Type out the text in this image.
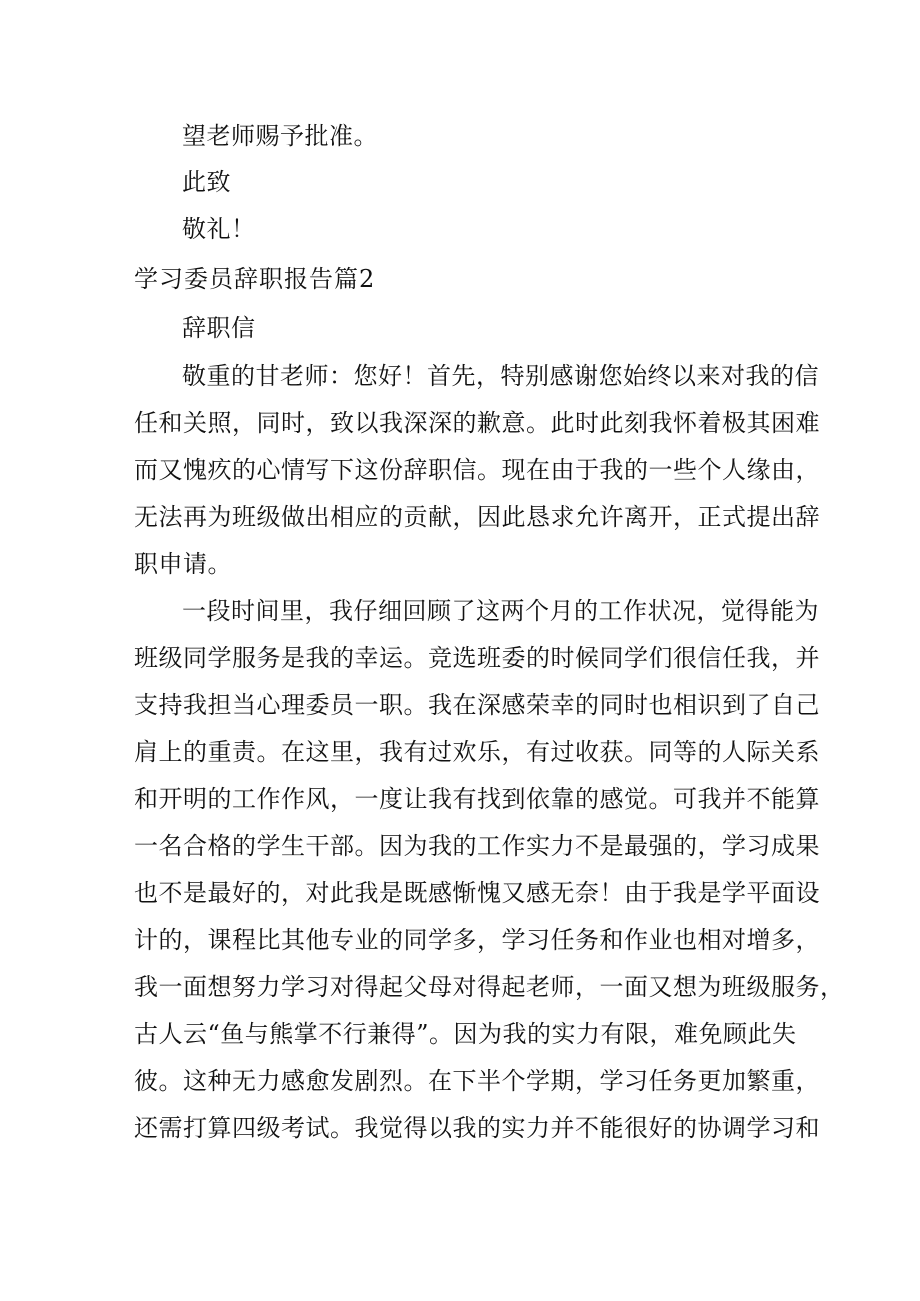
望老师赐予批准。
此致
敬礼！
学习委员辞职报告篇2
辞职信
敬重的甘老师：您好！首先，特别感谢您始终以来对我的信
任和关照，同时，致以我深深的歉意。此时此刻我怀着极其困难
而又愧疚的心情写下这份辞职信。现在由于我的一些个人缘由，
无法再为班级做出相应的贡献，因此恳求允许离开，正式提出辞
职申请。
一段时间里，我仔细回顾了这两个月的工作状况，觉得能为
班级同学服务是我的幸运。竞选班委的时候同学们很信任我，并
支持我担当心理委员一职。我在深感荣幸的同时也相识到了自己
肩上的重责。在这里，我有过欢乐，有过收获。同等的人际关系
和开明的工作作风，一度让我有找到依靠的感觉。可我并不能算
一名合格的学生干部。因为我的工作实力不是最强的，学习成果
也不是最好的，对此我是既感惭愧又感无奈！由于我是学平面设
计的，课程比其他专业的同学多，学习任务和作业也相对增多，
我一面想努力学习对得起父母对得起老师，一面又想为班级服务，
古人云“鱼与熊掌不行兼得”。因为我的实力有限，难免顾此失
彼。这种无力感愈发剧烈。在下半个学期，学习任务更加繁重，
还需打算四级考试。我觉得以我的实力并不能很好的协调学习和
